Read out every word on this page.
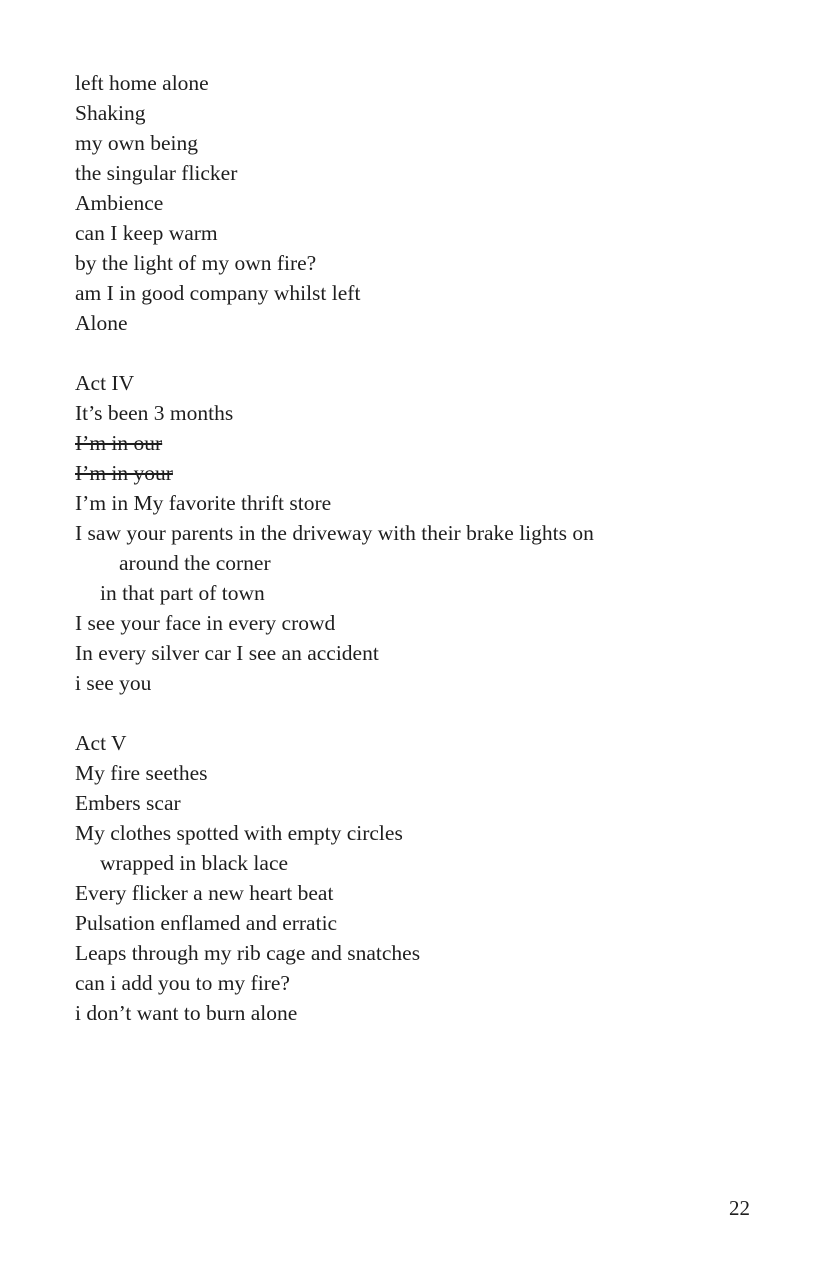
left home alone
Shaking
my own being
the singular flicker
Ambience
can I keep warm
by the light of my own fire?
am I in good company whilst left
Alone
Act IV
It’s been 3 months
I’m in our
I’m in your
I’m in My favorite thrift store
I saw your parents in the driveway with their brake lights on
around the corner
in that part of town
I see your face in every crowd
In every silver car I see an accident
i see you
Act V
My fire seethes
Embers scar
My clothes spotted with empty circles
wrapped in black lace
Every flicker a new heart beat
Pulsation enflamed and erratic
Leaps through my rib cage and snatches
can i add you to my fire?
i don’t want to burn alone
22
